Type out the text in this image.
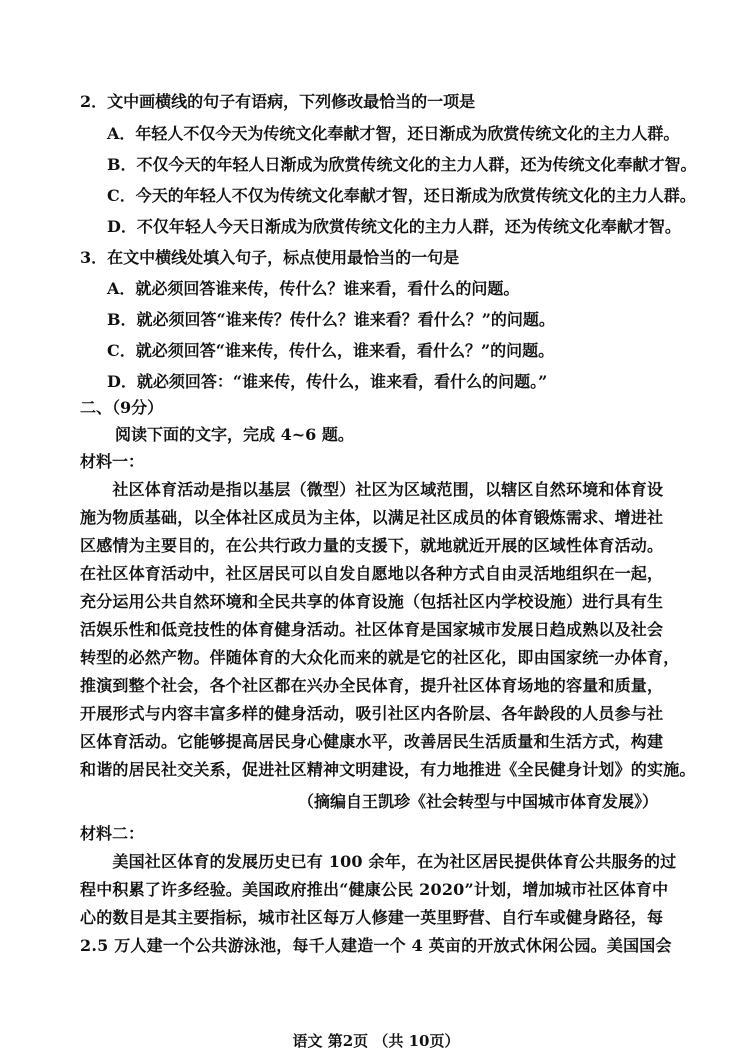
2．文中画横线的句子有语病，下列修改最恰当的一项是
A．年轻人不仅今天为传统文化奉献才智，还日渐成为欣赏传统文化的主力人群。
B．不仅今天的年轻人日渐成为欣赏传统文化的主力人群，还为传统文化奉献才智。
C．今天的年轻人不仅为传统文化奉献才智，还日渐成为欣赏传统文化的主力人群。
D．不仅年轻人今天日渐成为欣赏传统文化的主力人群，还为传统文化奉献才智。
3．在文中横线处填入句子，标点使用最恰当的一句是
A．就必须回答谁来传，传什么？谁来看，看什么的问题。
B．就必须回答“谁来传？传什么？谁来看？看什么？”的问题。
C．就必须回答“谁来传，传什么，谁来看，看什么？”的问题。
D．就必须回答：“谁来传，传什么，谁来看，看什么的问题。”
二、（9分）
阅读下面的文字，完成 4~6 题。
材料一：
　　社区体育活动是指以基层（微型）社区为区域范围，以辖区自然环境和体育设
施为物质基础，以全体社区成员为主体，以满足社区成员的体育锻炼需求、增进社
区感情为主要目的，在公共行政力量的支援下，就地就近开展的区域性体育活动。
在社区体育活动中，社区居民可以自发自愿地以各种方式自由灵活地组织在一起，
充分运用公共自然环境和全民共享的体育设施（包括社区内学校设施）进行具有生
活娱乐性和低竞技性的体育健身活动。社区体育是国家城市发展日趋成熟以及社会
转型的必然产物。伴随体育的大众化而来的就是它的社区化，即由国家统一办体育，
推演到整个社会，各个社区都在兴办全民体育，提升社区体育场地的容量和质量，
开展形式与内容丰富多样的健身活动，吸引社区内各阶层、各年龄段的人员参与社
区体育活动。它能够提高居民身心健康水平，改善居民生活质量和生活方式，构建
和谐的居民社交关系，促进社区精神文明建设，有力地推进《全民健身计划》的实施。
（摘编自王凯珍《社会转型与中国城市体育发展》）
材料二：
　　美国社区体育的发展历史已有 100 余年，在为社区居民提供体育公共服务的过
程中积累了许多经验。美国政府推出“健康公民 2020”计划，增加城市社区体育中
心的数目是其主要指标，城市社区每万人修建一英里野营、自行车或健身路径，每
2.5 万人建一个公共游泳池，每千人建造一个 4 英亩的开放式休闲公园。美国国会
语文 第2页 （共 10页）
